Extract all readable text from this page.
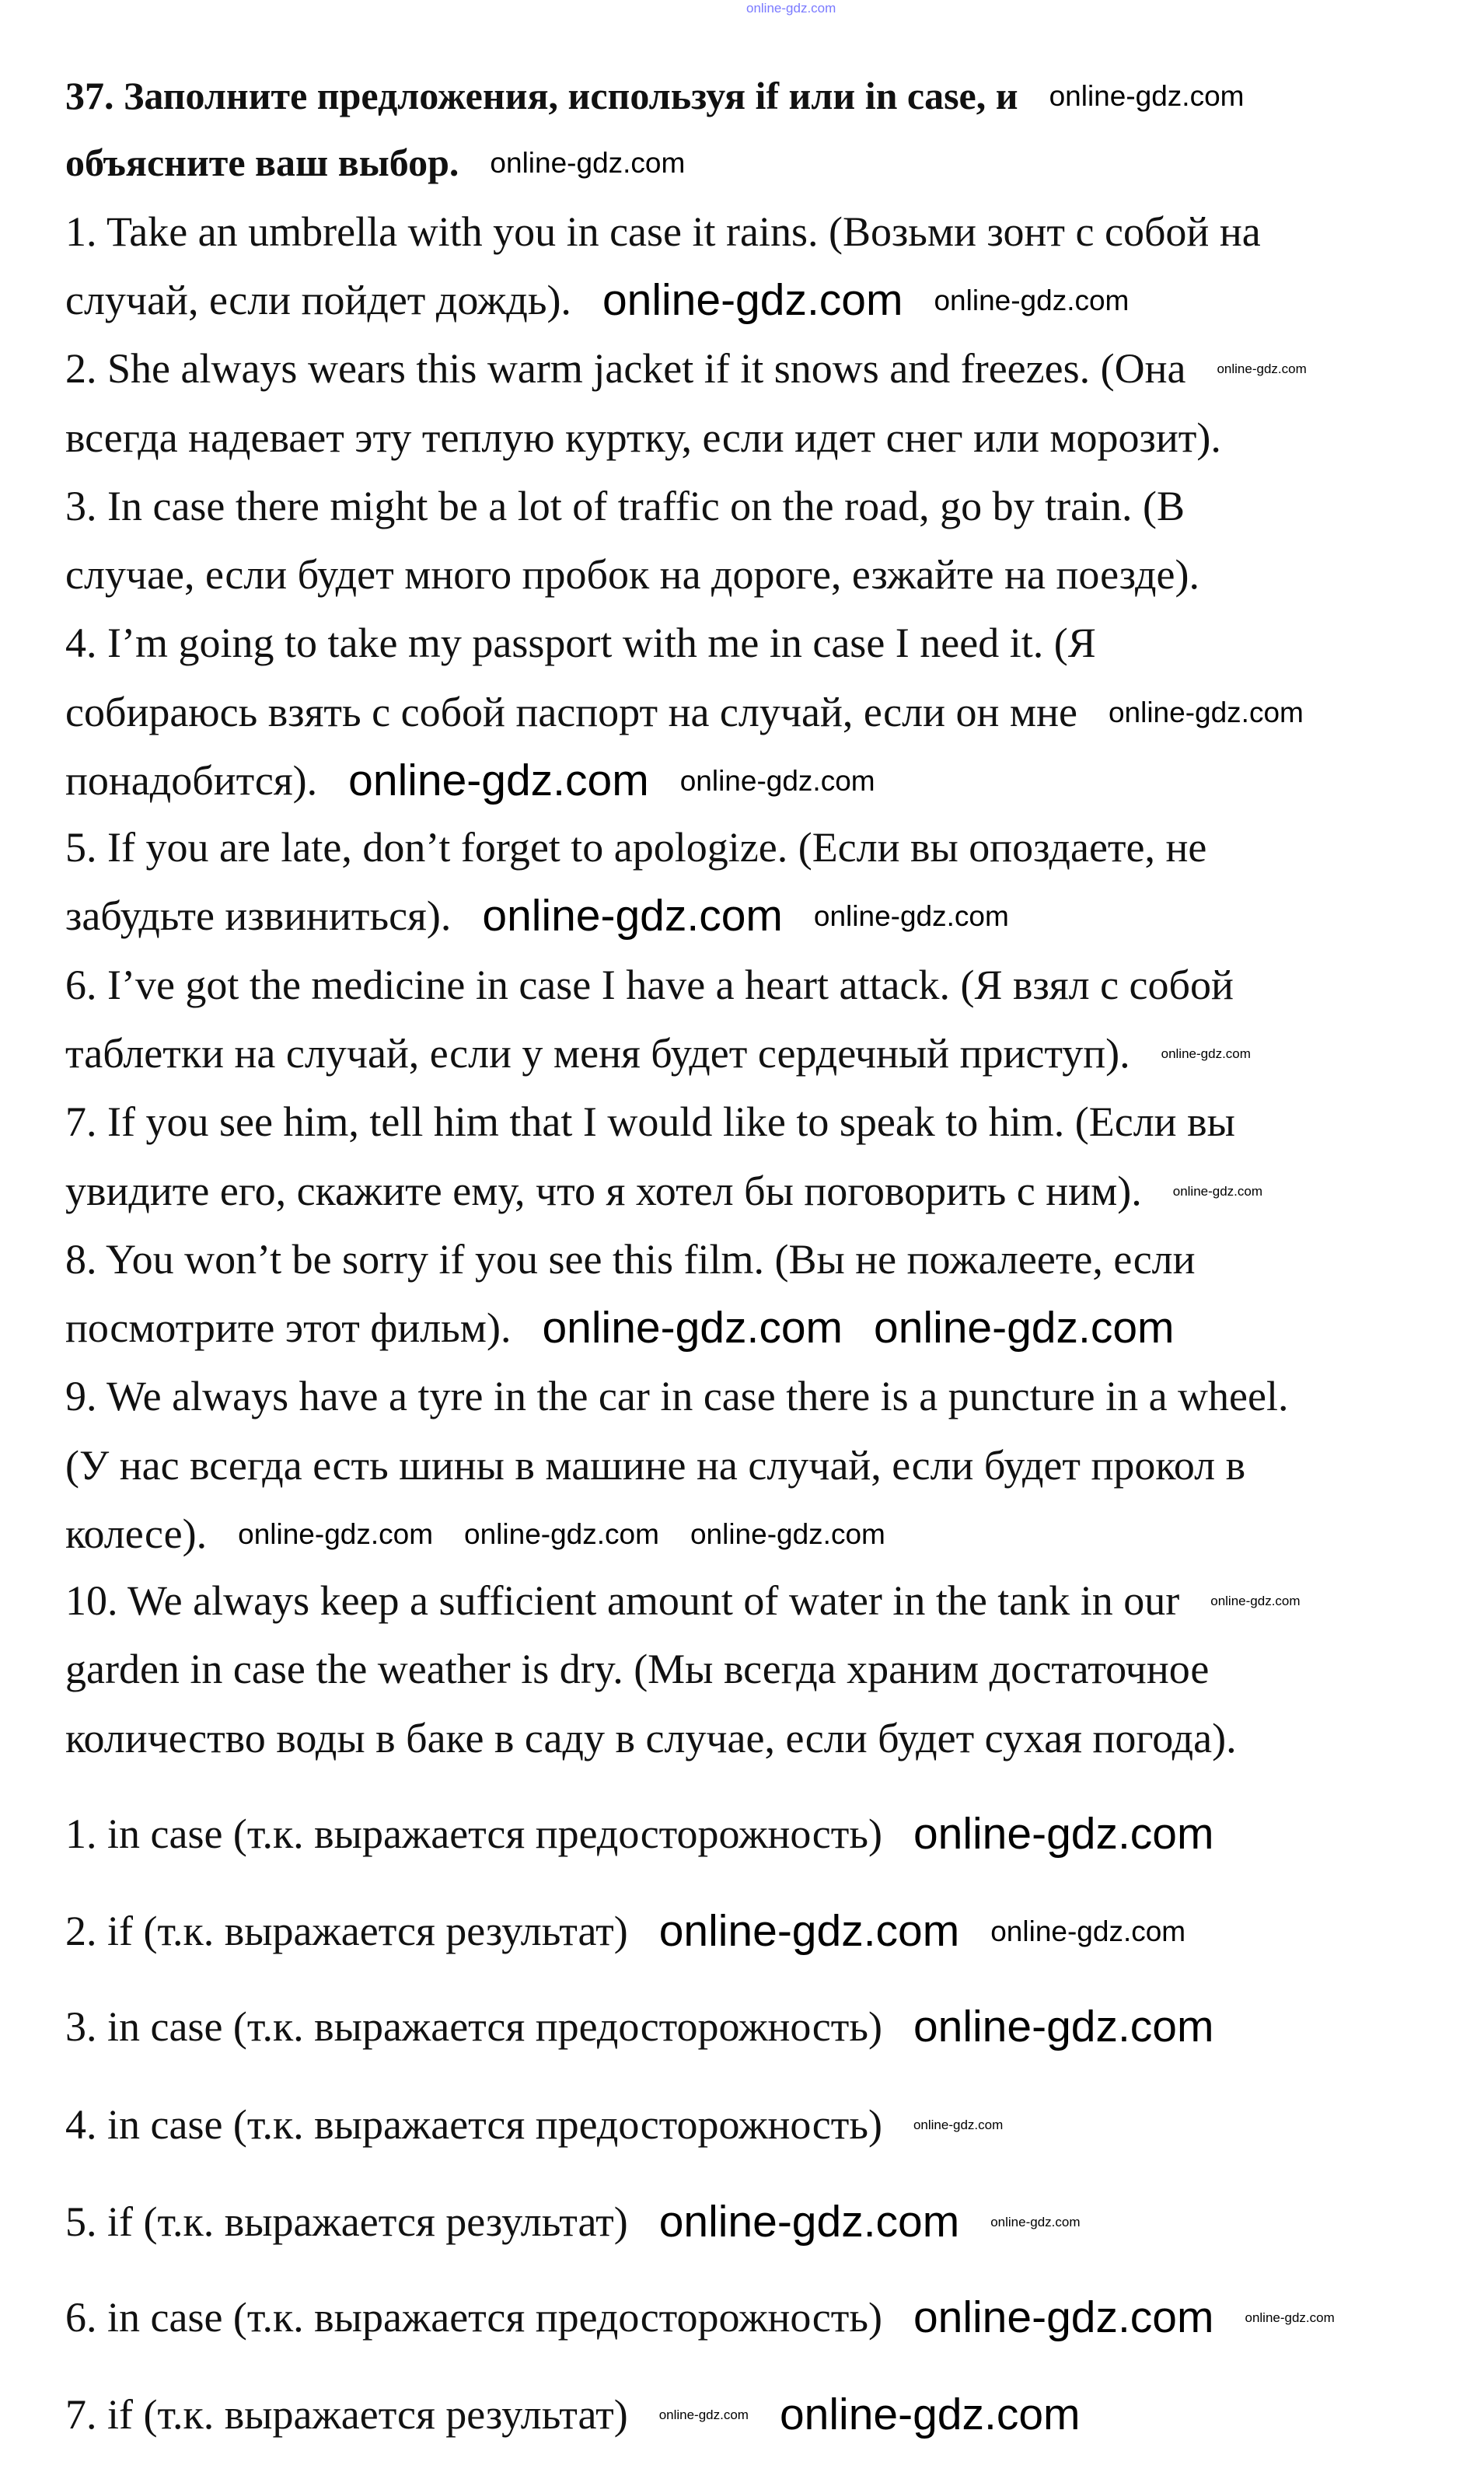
online-gdz.com
37. Заполните предложения, используя if или in case, и online-gdz.com
объясните ваш выбор. online-gdz.com
1. Take an umbrella with you in case it rains. (Возьми зонт с собой на
случай, если пойдет дождь). online-gdz.com online-gdz.com
2. She always wears this warm jacket if it snows and freezes. (Она online-gdz.com
всегда надевает эту теплую куртку, если идет снег или морозит).
3. In case there might be a lot of traffic on the road, go by train. (В
случае, если будет много пробок на дороге, езжайте на поезде).
4. I’m going to take my passport with me in case I need it. (Я
собираюсь взять с собой паспорт на случай, если он мне online-gdz.com
понадобится). online-gdz.com online-gdz.com
5. If you are late, don’t forget to apologize. (Если вы опоздаете, не
забудьте извиниться). online-gdz.com online-gdz.com
6. I’ve got the medicine in case I have a heart attack. (Я взял с собой
таблетки на случай, если у меня будет сердечный приступ). online-gdz.com
7. If you see him, tell him that I would like to speak to him. (Если вы
увидите его, скажите ему, что я хотел бы поговорить с ним). online-gdz.com
8. You won’t be sorry if you see this film. (Вы не пожалеете, если
посмотрите этот фильм). online-gdz.com online-gdz.com
9. We always have a tyre in the car in case there is a puncture in a wheel.
(У нас всегда есть шины в машине на случай, если будет прокол в
колесе). online-gdz.com online-gdz.com online-gdz.com
10. We always keep a sufficient amount of water in the tank in our online-gdz.com
garden in case the weather is dry. (Мы всегда храним достаточное
количество воды в баке в саду в случае, если будет сухая погода).
1. in case (т.к. выражается предосторожность) online-gdz.com
2. if (т.к. выражается результат) online-gdz.com online-gdz.com
3. in case (т.к. выражается предосторожность) online-gdz.com
4. in case (т.к. выражается предосторожность) online-gdz.com
5. if (т.к. выражается результат) online-gdz.com online-gdz.com
6. in case (т.к. выражается предосторожность) online-gdz.com online-gdz.com
7. if (т.к. выражается результат) online-gdz.com online-gdz.com
